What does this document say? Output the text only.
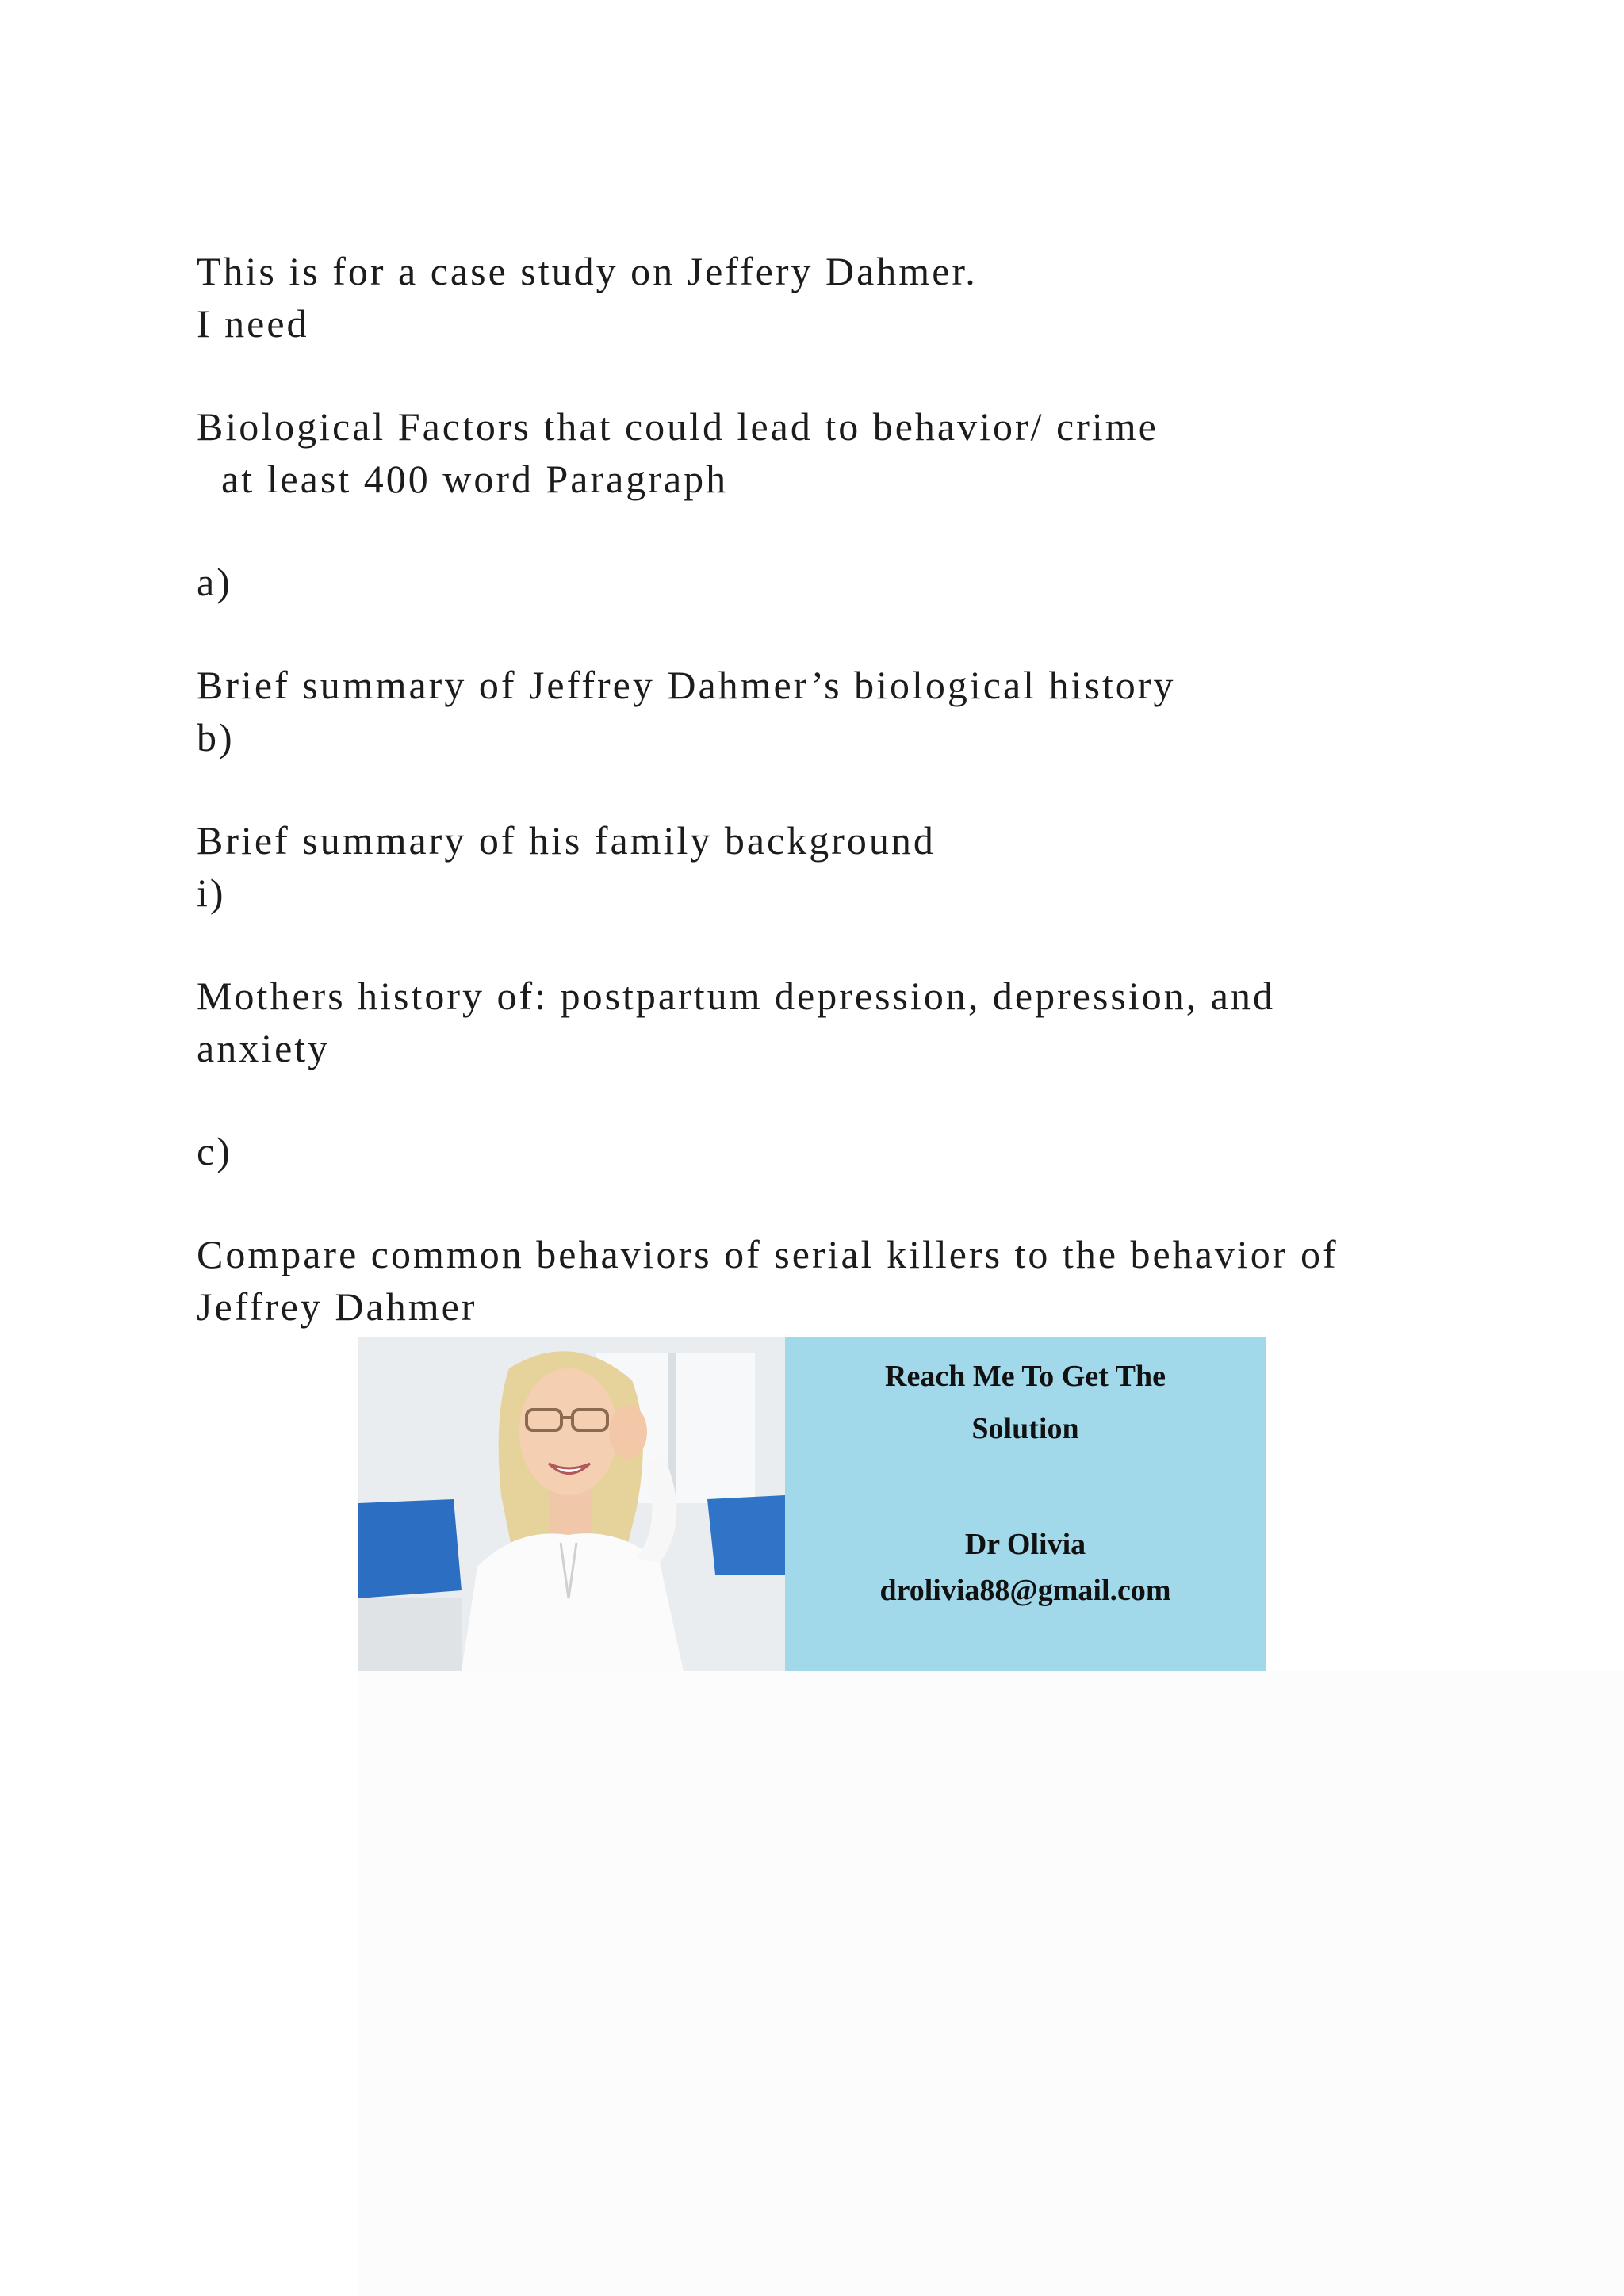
This is for a case study on Jeffery Dahmer.

I need

Biological Factors that could lead to behavior/ crime

at least 400 word Paragraph

a)

Brief summary of Jeffrey Dahmer’s biological history

b)

Brief summary of his family background

i)

Mothers history of: postpartum depression, depression, and

anxiety

c)

Compare common behaviors of serial killers to the behavior of

Jeffrey Dahmer

Reach Me To Get The

Solution

Dr Olivia

drolivia88@gmail.com
